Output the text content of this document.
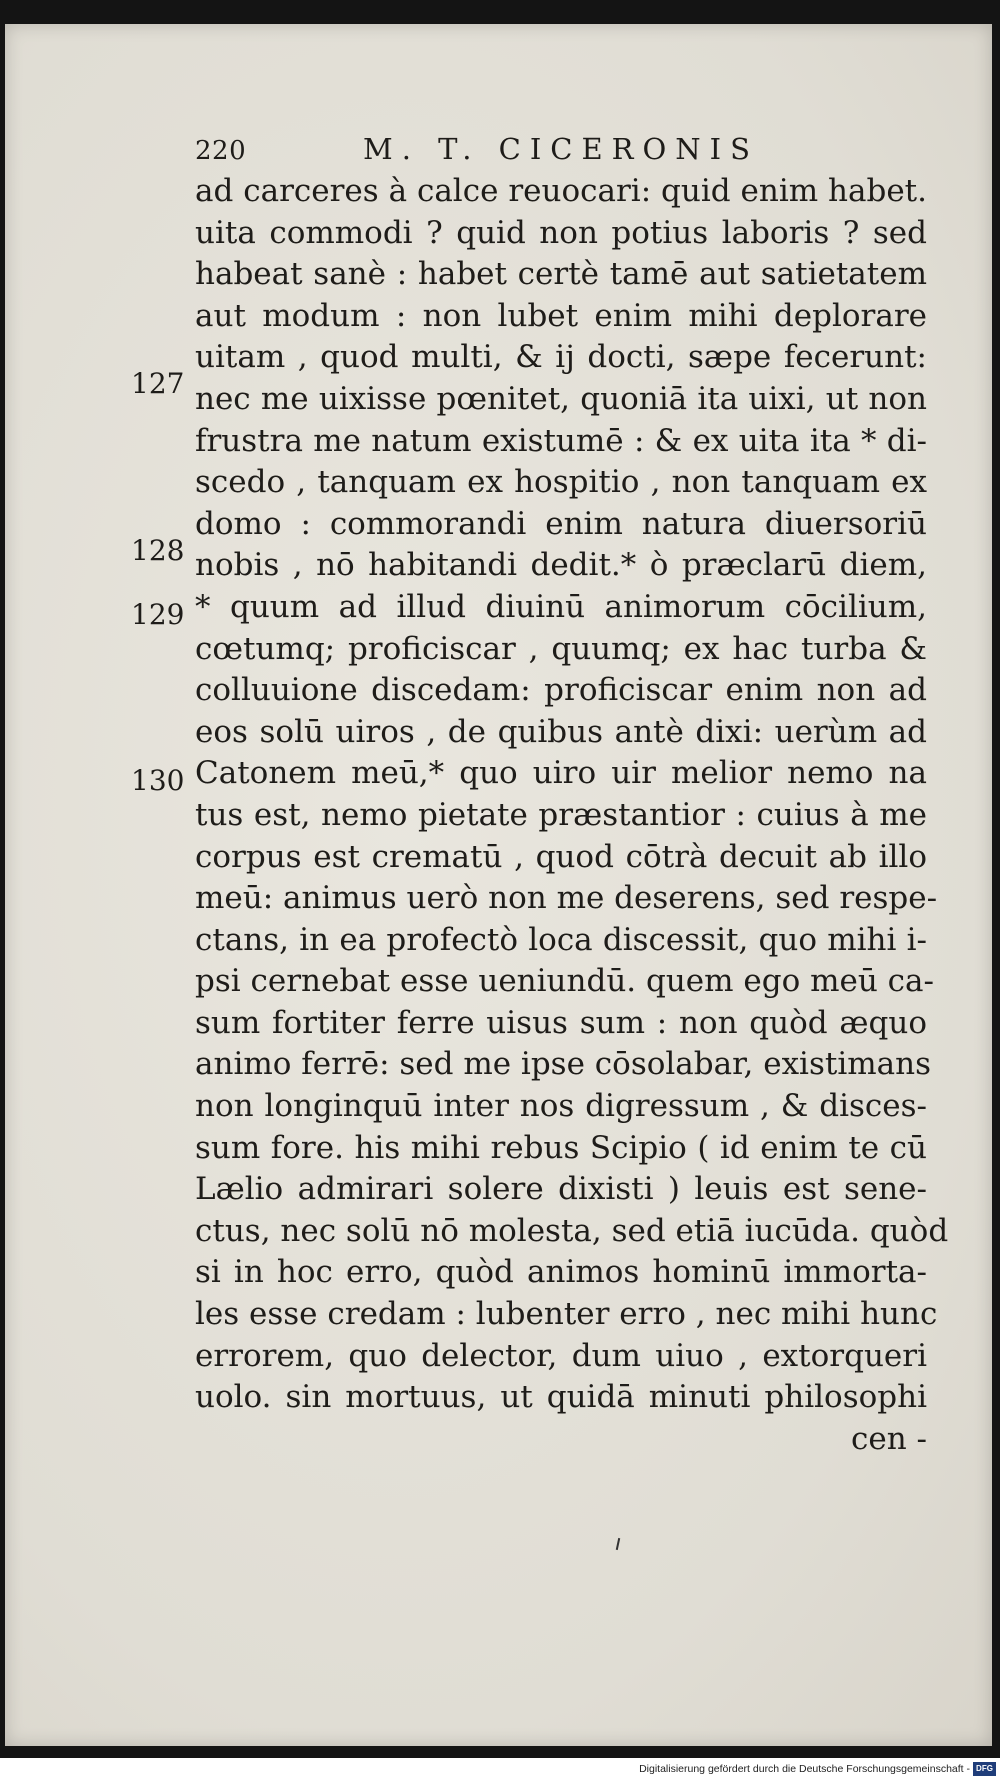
220	M. T. CICERONIS
127
128
129
130
ad carceres à calce reuocari: quid enim habet.
uita commodi ? quid non potius laboris ? sed
habeat sanè : habet certè tamē aut satietatem
aut modum : non lubet enim mihi deplorare
uitam , quod multi, & ij docti, sæpe fecerunt:
nec me uixisse pœnitet, quoniā ita uixi, ut non
frustra me natum existumē : & ex uita ita * di-
scedo , tanquam ex hospitio , non tanquam ex
domo : commorandi enim natura diuersoriū
nobis , nō habitandi dedit.* ò præclarū diem,
* quum ad illud diuinū animorum cōcilium,
cœtumq; proficiscar , quumq; ex hac turba &
colluuione discedam: proficiscar enim non ad
eos solū uiros , de quibus antè dixi: uerùm ad
Catonem meū,* quo uiro uir melior nemo na
tus est, nemo pietate præstantior : cuius à me
corpus est crematū , quod cōtrà decuit ab illo
meū: animus uerò non me deserens, sed respe-
ctans, in ea profectò loca discessit, quo mihi i-
psi cernebat esse ueniundū. quem ego meū ca-
sum fortiter ferre uisus sum : non quòd æquo
animo ferrē: sed me ipse cōsolabar, existimans
non longinquū inter nos digressum , & disces-
sum fore. his mihi rebus Scipio ( id enim te cū
Lælio admirari solere dixisti ) leuis est sene-
ctus, nec solū nō molesta, sed etiā iucūda. quòd
si in hoc erro, quòd animos hominū immorta-
les esse credam : lubenter erro , nec mihi hunc
errorem, quo delector, dum uiuo , extorqueri
uolo. sin mortuus, ut quidā minuti philosophi
cen -
Digitalisierung gefördert durch die Deutsche Forschungsgemeinschaft - DFG
